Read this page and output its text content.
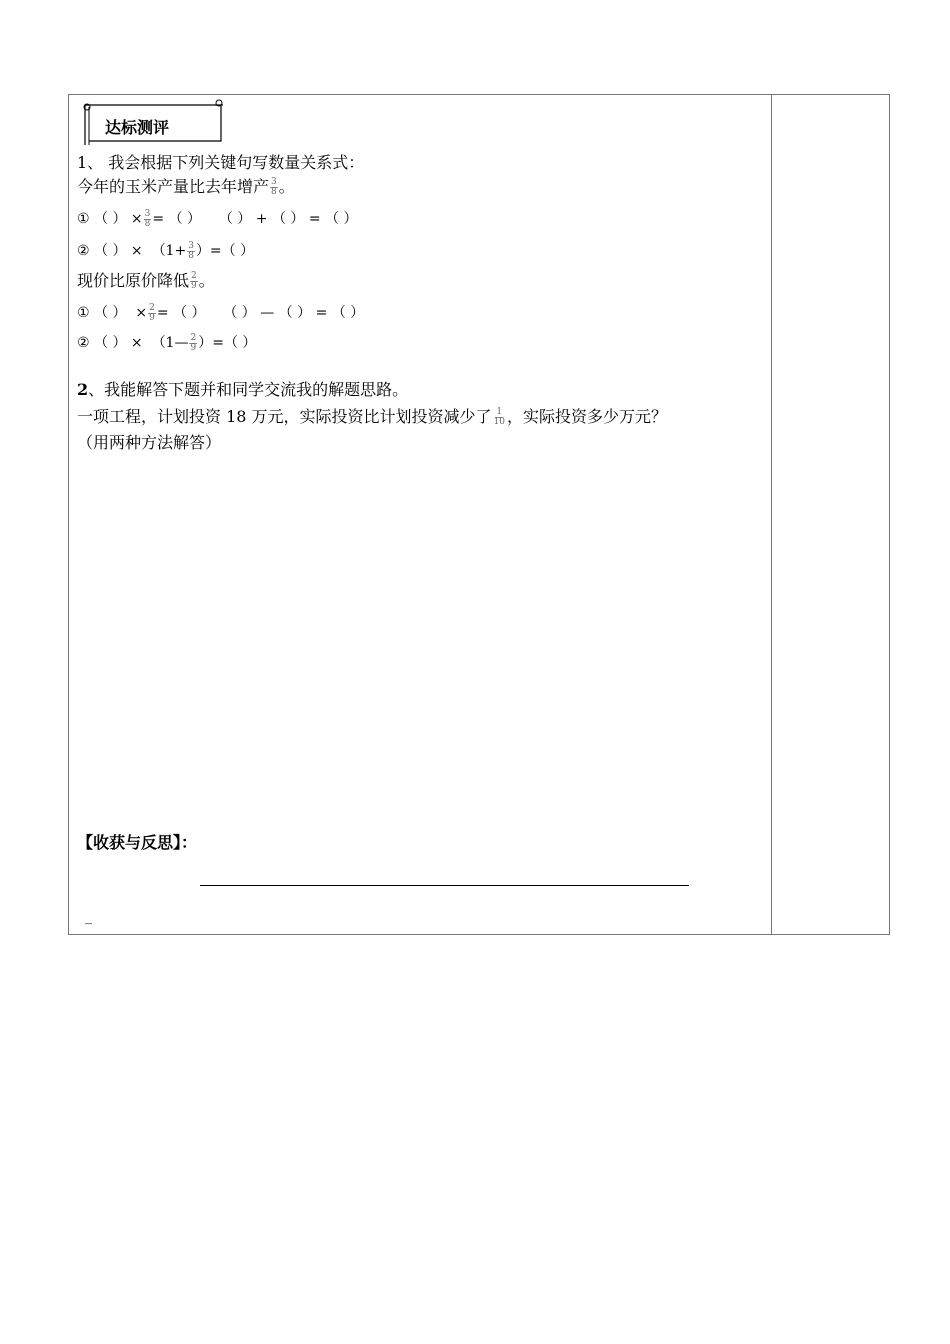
达标测评
1、 我会根据下列关键句写数量关系式：
今年的玉米产量比去年增产 $\frac{3}{8}$ 。
① （ ） × $\frac{3}{8}$ = （ ） （ ） + （ ） = （ ）
② （ ） × （$1+ \frac{3}{8}$ ）=（ ）
现价比原价降低 $\frac{2}{9}$ 。
① （ ） × $\frac{2}{9}$ = （ ） （ ） — （ ） = （ ）
② （ ） × （1— $\frac{2}{9}$ ）=（ ）
2、我能解答下题并和同学交流我的解题思路。
一项工程，计划投资 18 万元，实际投资比计划投资减少了 $\frac{1}{10}$ ，实际投资多少万元？
（用两种方法解答）
【收获与反思】：
_
